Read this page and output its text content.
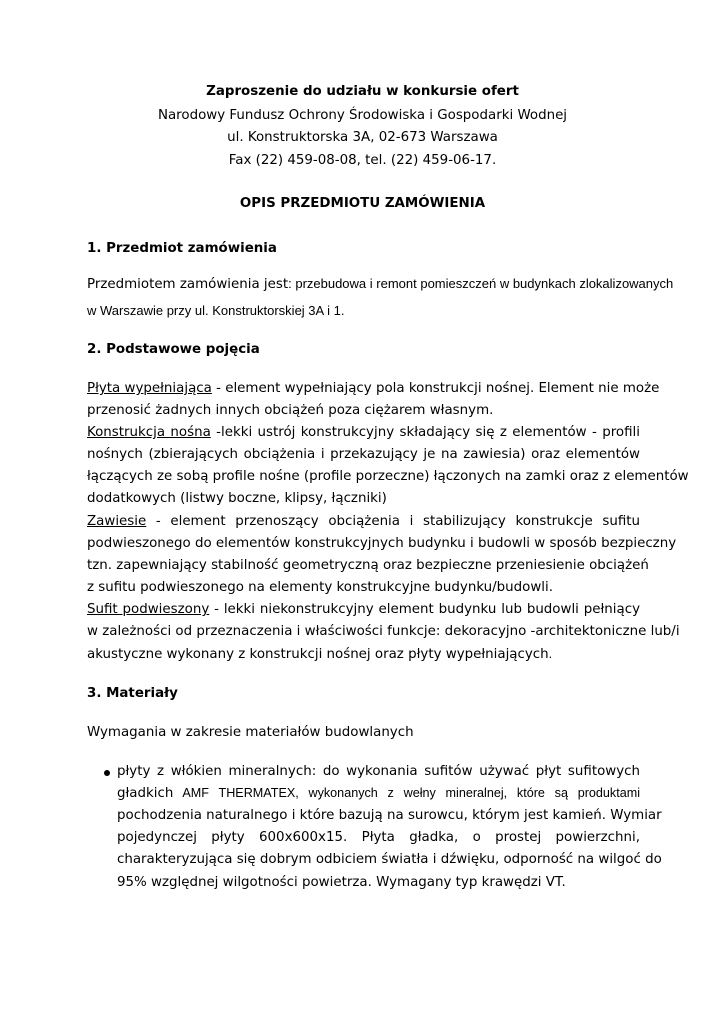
Zaproszenie do udziału w konkursie ofert
Narodowy Fundusz Ochrony Środowiska i Gospodarki Wodnej
ul. Konstruktorska 3A, 02-673 Warszawa
Fax (22) 459-08-08, tel. (22) 459-06-17.
OPIS PRZEDMIOTU ZAMÓWIENIA
1. Przedmiot zamówienia
Przedmiotem zamówienia jest: przebudowa i remont pomieszczeń w budynkach zlokalizowanych
w Warszawie przy ul. Konstruktorskiej 3A i 1.
2. Podstawowe pojęcia
Płyta wypełniająca - element wypełniający pola konstrukcji nośnej. Element nie może
przenosić żadnych innych obciążeń poza ciężarem własnym.
Konstrukcja nośna -lekki ustrój konstrukcyjny składający się z elementów - profili
nośnych (zbierających obciążenia i przekazujący je na zawiesia) oraz elementów
łączących ze sobą profile nośne (profile porzeczne) łączonych na zamki oraz z elementów
dodatkowych (listwy boczne, klipsy, łączniki)
Zawiesie - element przenoszący obciążenia i stabilizujący konstrukcje sufitu
podwieszonego do elementów konstrukcyjnych budynku i budowli w sposób bezpieczny
tzn. zapewniający stabilność geometryczną oraz bezpieczne przeniesienie obciążeń
z sufitu podwieszonego na elementy konstrukcyjne budynku/budowli.
Sufit podwieszony - lekki niekonstrukcyjny element budynku lub budowli pełniący
w zależności od przeznaczenia i właściwości funkcje: dekoracyjno -architektoniczne lub/i
akustyczne wykonany z konstrukcji nośnej oraz płyty wypełniających.
3. Materiały
Wymagania w zakresie materiałów budowlanych
płyty z włókien mineralnych: do wykonania sufitów używać płyt sufitowych
gładkich AMF THERMATEX, wykonanych z wełny mineralnej, które są produktami
pochodzenia naturalnego i które bazują na surowcu, którym jest kamień. Wymiar
pojedynczej płyty 600x600x15. Płyta gładka, o prostej powierzchni,
charakteryzująca się dobrym odbiciem światła i dźwięku, odporność na wilgoć do
95% względnej wilgotności powietrza. Wymagany typ krawędzi VT.
